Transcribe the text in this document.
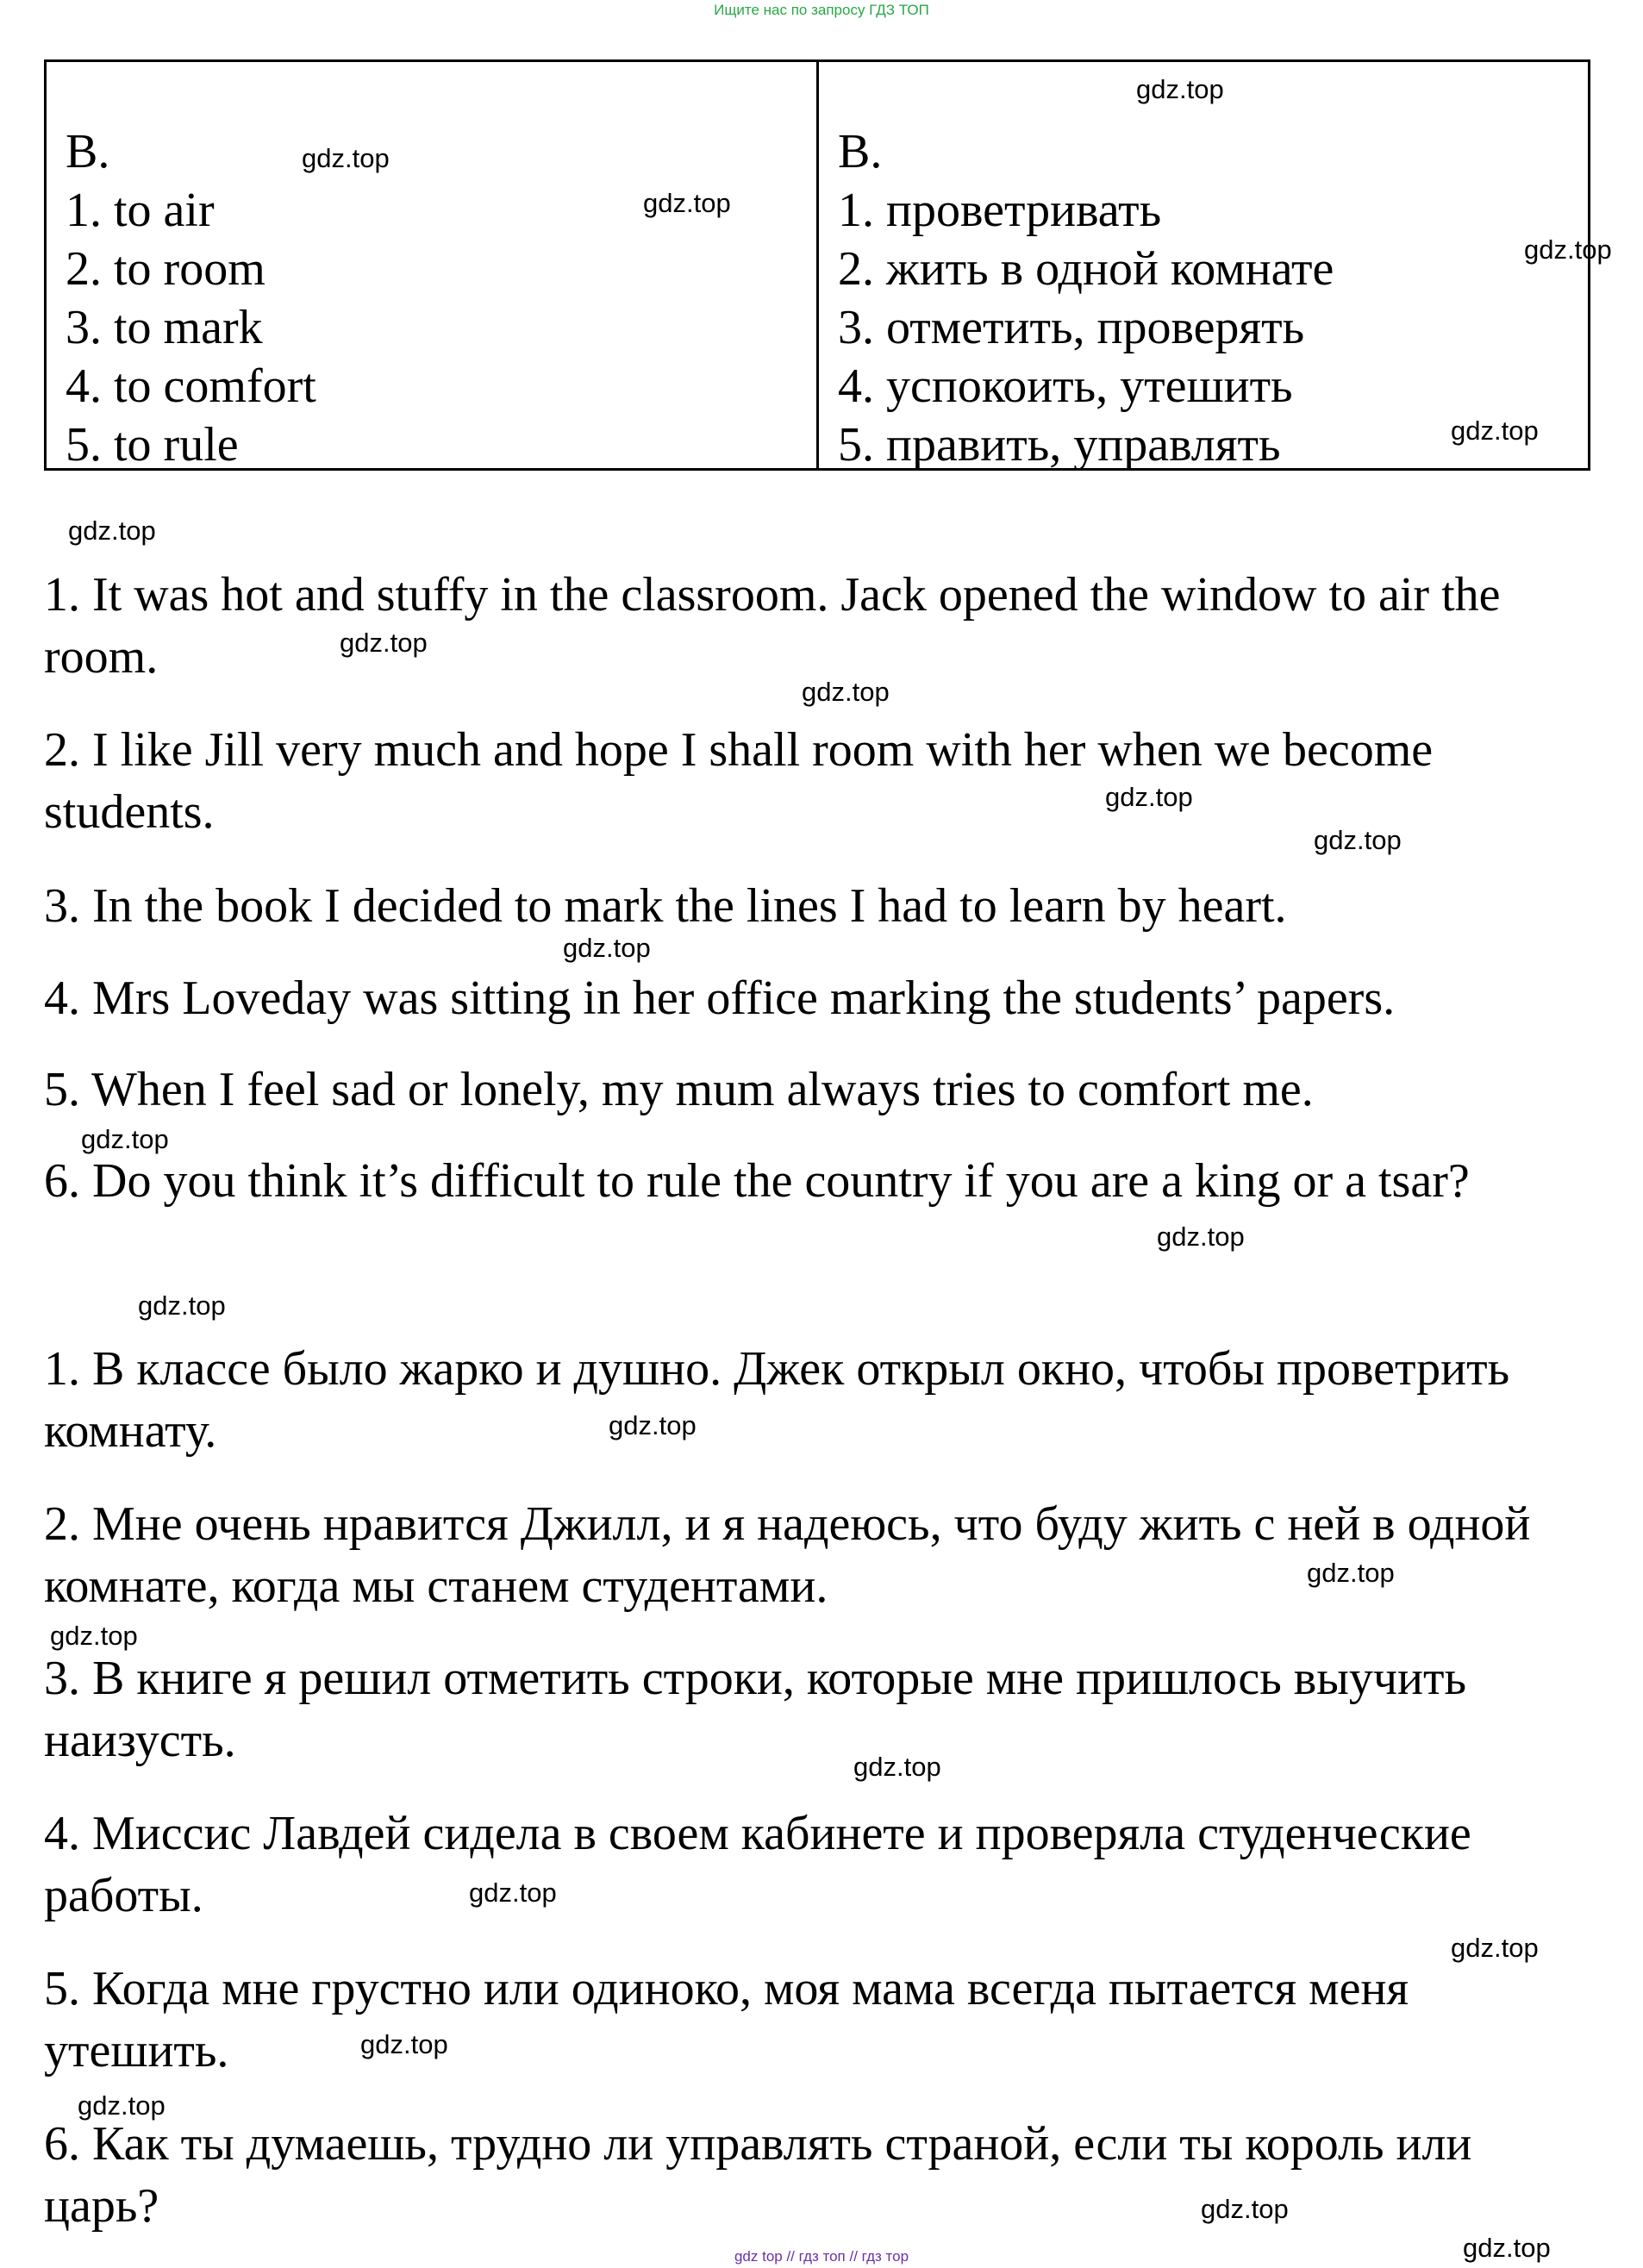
Ищите нас по запросу ГДЗ ТОП
B.
1. to air
2. to room
3. to mark
4. to comfort
5. to rule
B.
1. проветривать
2. жить в одной комнате
3. отметить, проверять
4. успокоить, утешить
5. править, управлять
1. It was hot and stuffy in the classroom. Jack opened the window to air the room.
2. I like Jill very much and hope I shall room with her when we become students.
3. In the book I decided to mark the lines I had to learn by heart.
4. Mrs Loveday was sitting in her office marking the students’ papers.
5. When I feel sad or lonely, my mum always tries to comfort me.
6. Do you think it’s difficult to rule the country if you are a king or a tsar?
1. В классе было жарко и душно. Джек открыл окно, чтобы проветрить комнату.
2. Мне очень нравится Джилл, и я надеюсь, что буду жить с ней в одной комнате, когда мы станем студентами.
3. В книге я решил отметить строки, которые мне пришлось выучить наизусть.
4. Миссис Лавдей сидела в своем кабинете и проверяла студенческие работы.
5. Когда мне грустно или одиноко, моя мама всегда пытается меня утешить.
6. Как ты думаешь, трудно ли управлять страной, если ты король или царь?
gdz.top
gdz.top
gdz.top
gdz.top
gdz.top
gdz.top
gdz.top
gdz.top
gdz.top
gdz.top
gdz.top
gdz.top
gdz.top
gdz.top
gdz.top
gdz.top
gdz.top
gdz.top
gdz.top
gdz.top
gdz.top
gdz.top
gdz.top
gdz.top
gdz top // гдз топ // гдз тор
